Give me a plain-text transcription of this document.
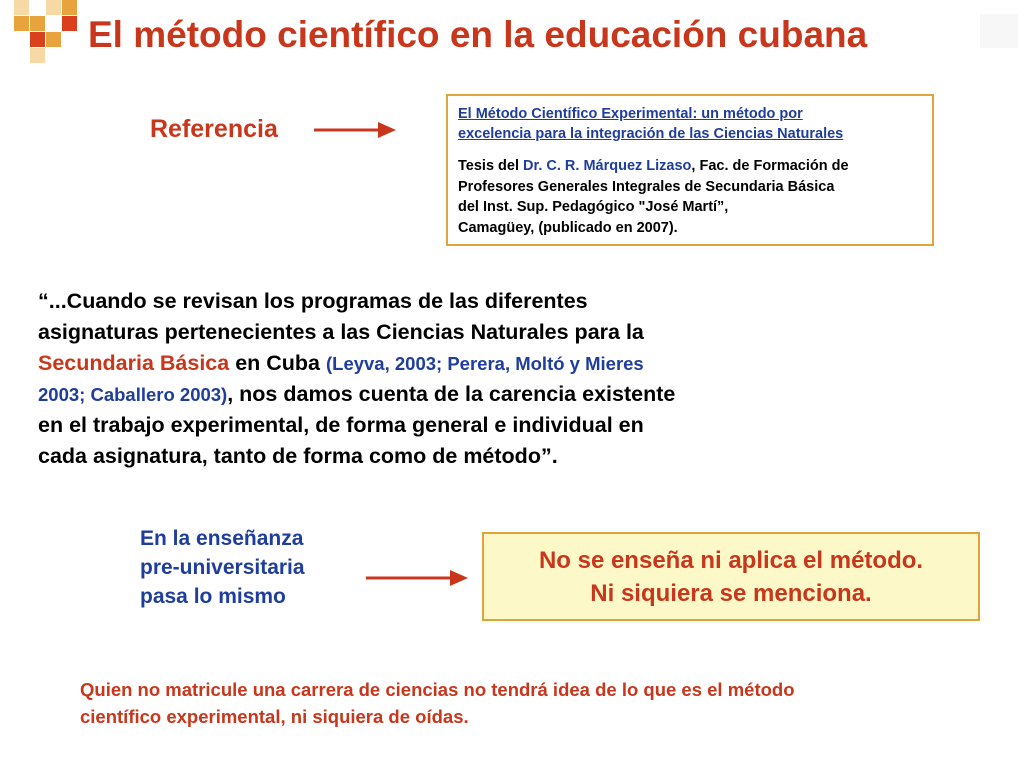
El método científico en la educación cubana
Referencia
El Método Científico Experimental: un método por
excelencia para la integración de las Ciencias Naturales
Tesis del Dr. C. R. Márquez Lizaso, Fac. de Formación de
Profesores Generales Integrales de Secundaria Básica
del Inst. Sup. Pedagógico "José Martí”,
Camagüey, (publicado en 2007).
“...Cuando se revisan los programas de las diferentes
asignaturas pertenecientes a las Ciencias Naturales para la
Secundaria Básica en Cuba (Leyva, 2003; Perera, Moltó y Mieres
2003; Caballero 2003), nos damos cuenta de la carencia existente
en el trabajo experimental, de forma general e individual en
cada asignatura, tanto de forma como de método”.
En la enseñanza
pre-universitaria
pasa lo mismo
No se enseña ni aplica el método.
Ni siquiera se menciona.
Quien no matricule una carrera de ciencias no tendrá idea de lo que es el método
científico experimental, ni siquiera de oídas.
